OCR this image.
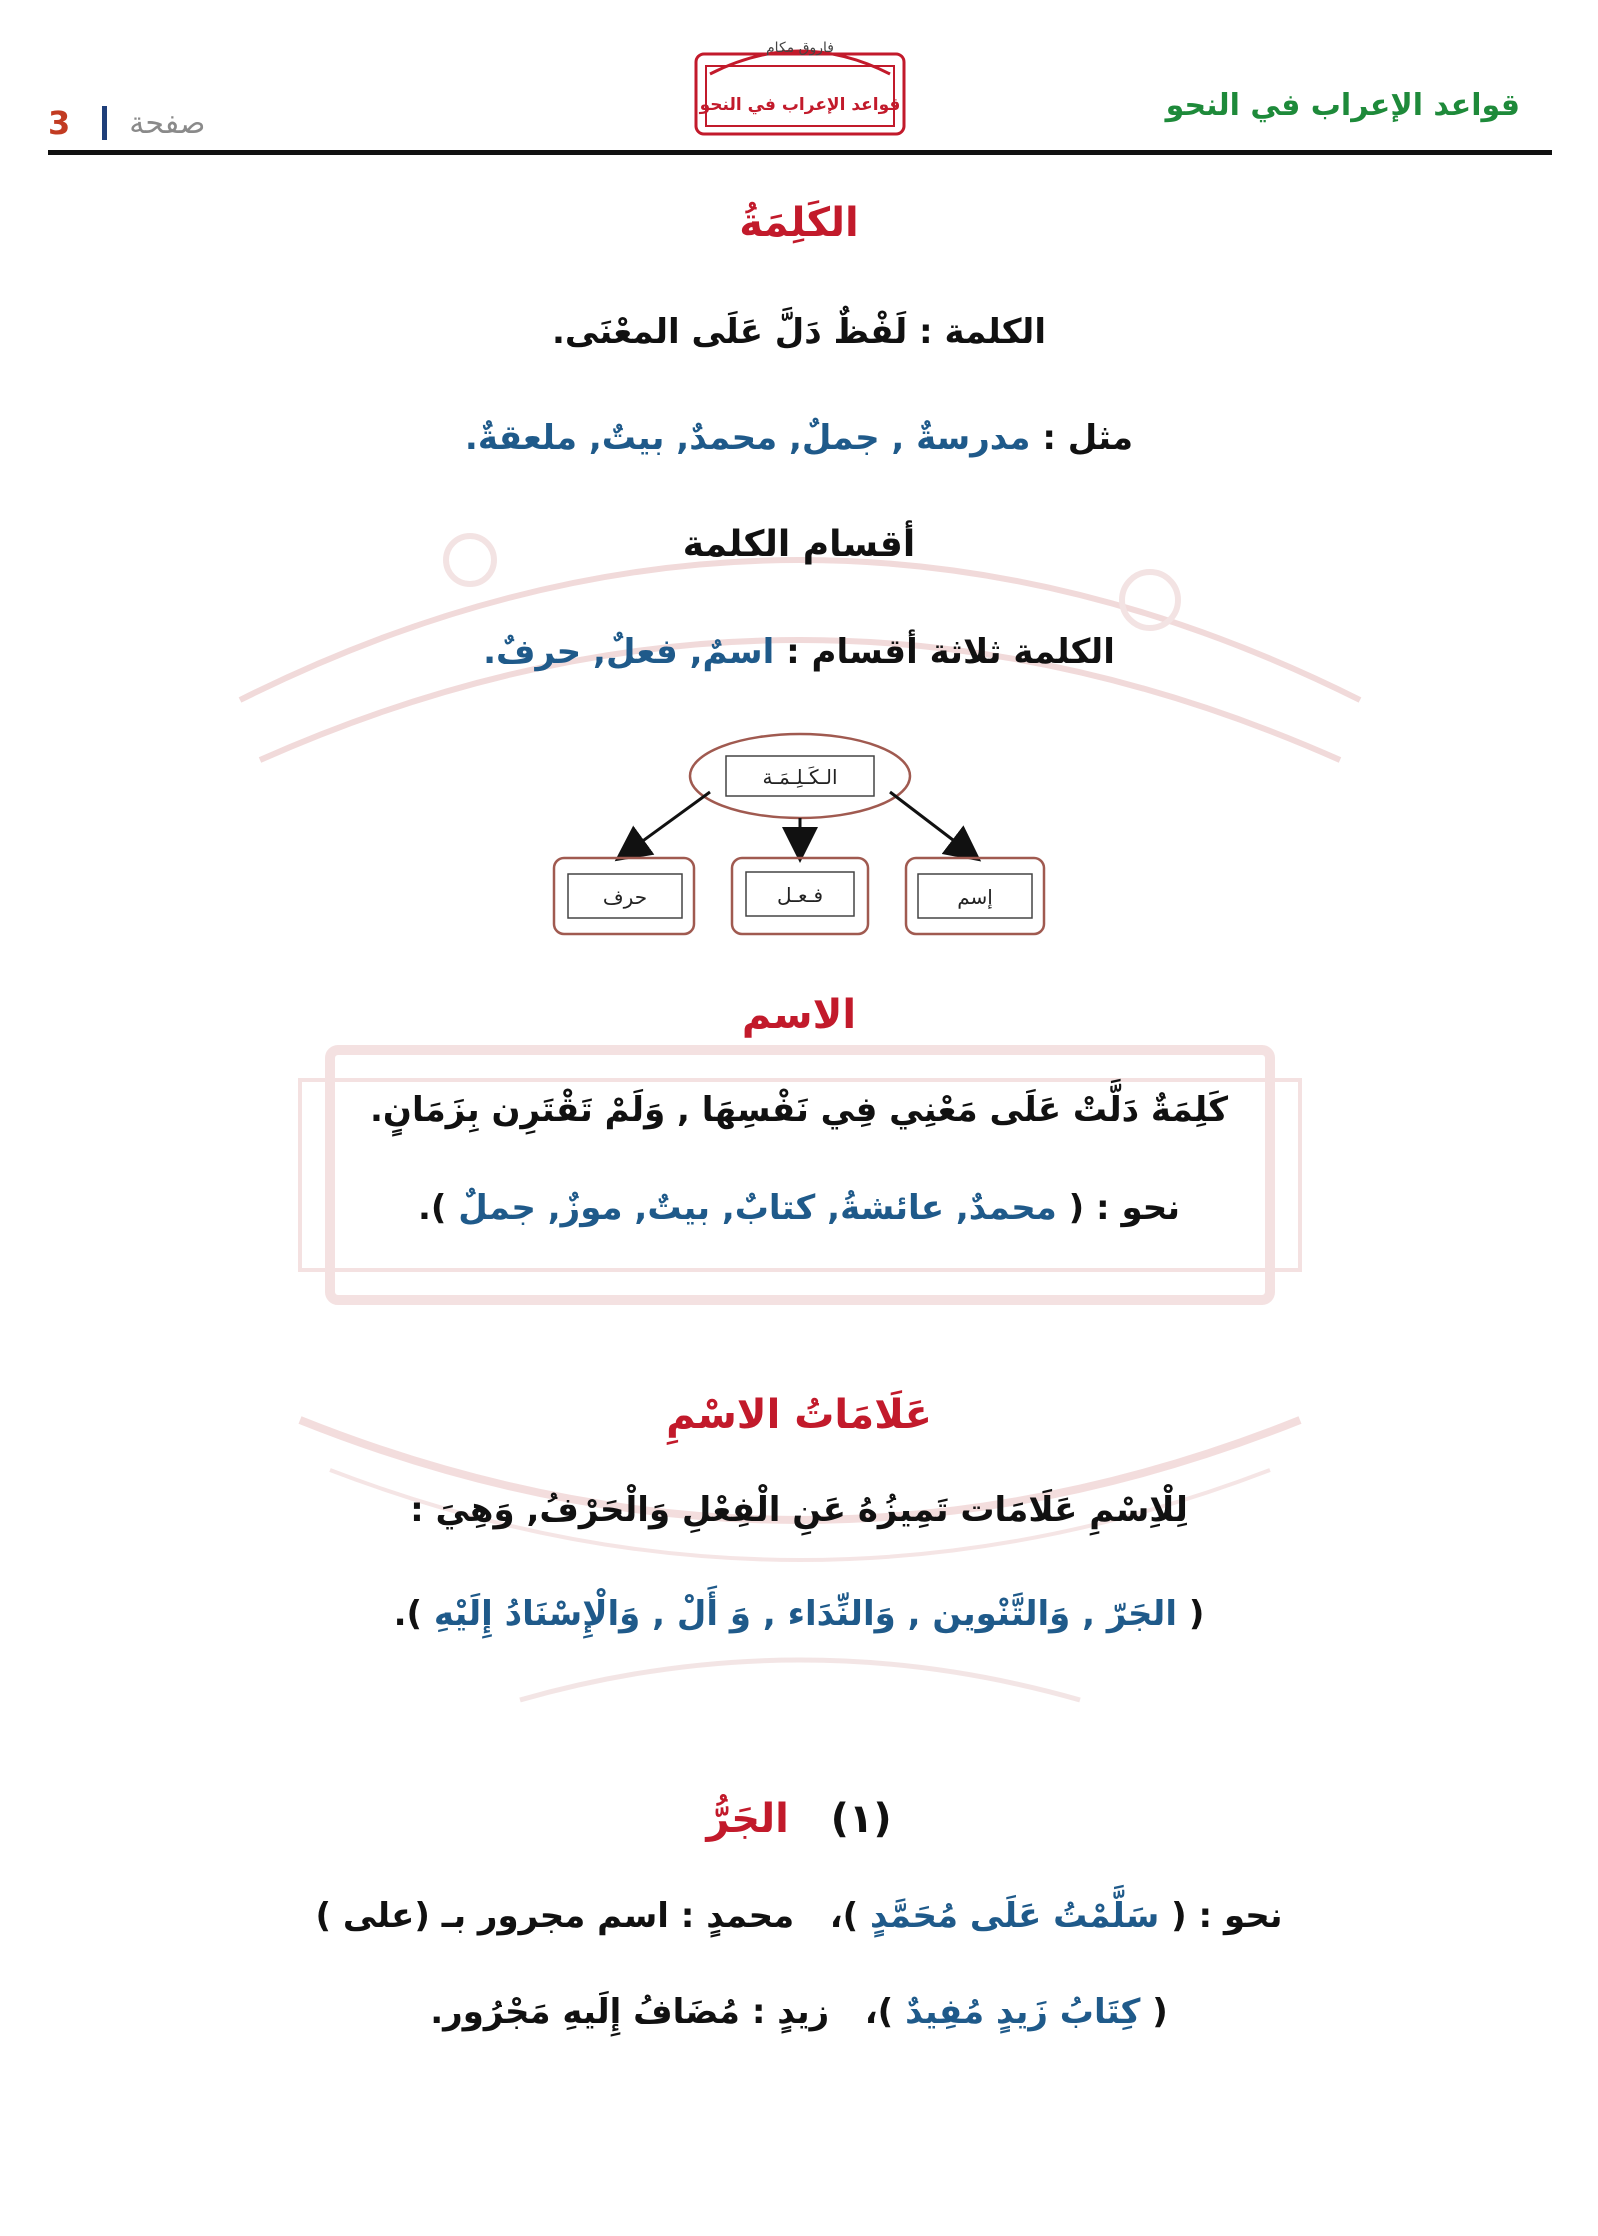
قواعد الإعراب في النحو
3 صفحة
فاروق مكام
قواعد الإعراب في النحو
الكَلِمَةُ
الكلمة : لَفْظٌ دَلَّ عَلَى المعْنَى.
مثل : مدرسةٌ , جملٌ, محمدٌ, بيتٌ, ملعقةٌ.
أقسام الكلمة
الكلمة ثلاثة أقسام : اسمٌ, فعلٌ, حرفٌ.
الـكَـلِـمَـة
إسم
فـعـل
حرف
الاسم
كَلِمَةٌ دَلَّتْ عَلَى مَعْنِي فِي نَفْسِهَا , وَلَمْ تَقْتَرِن بِزَمَانٍ.
نحو : ( محمدٌ, عائشةُ, كتابٌ, بيتٌ, موزٌ, جملٌ ).
عَلَامَاتُ الاسْمِ
لِلْاِسْمِ عَلَامَات تَمِيزُهُ عَنِ الْفِعْلِ وَالْحَرْفُ, وَهِيَ :
( الجَرّ , وَالتَّنْوين , وَالنِّدَاء , وَ أَلْ , وَالْإِسْنَادُ إِلَيْهِ ).
(١)   الجَرُّ
نحو : ( سَلَّمْتُ عَلَى مُحَمَّدٍ )،   محمدٍ : اسم مجرور بـ (على )
( كِتَابُ زَيدٍ مُفِيدٌ )،   زيدٍ : مُضَافُ إِلَيهِ مَجْرُور.
